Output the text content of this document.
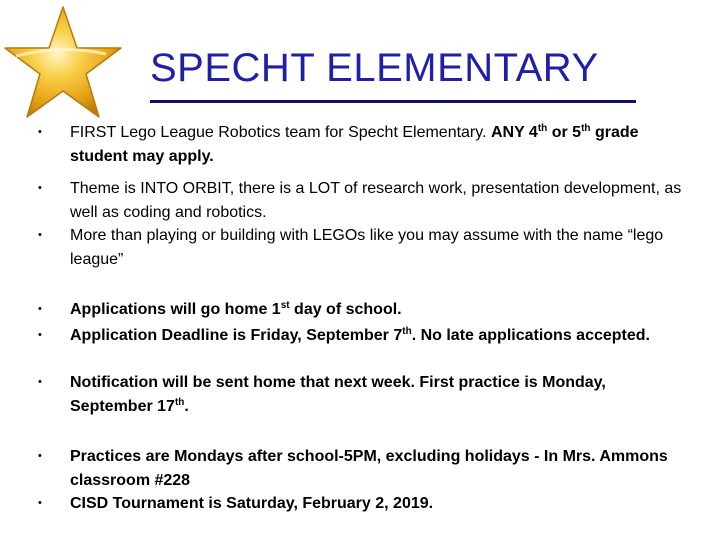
SPECHT ELEMENTARY
• FIRST Lego League Robotics team for Specht Elementary. ANY 4th or 5th grade student may apply.
• Theme is INTO ORBIT, there is a LOT of research work, presentation development, as well as coding and robotics.
• More than playing or building with LEGOs like you may assume with the name “lego league”
• Applications will go home 1st day of school.
• Application Deadline is Friday, September 7th. No late applications accepted.
• Notification will be sent home that next week. First practice is Monday, September 17th.
• Practices are Mondays after school-5PM, excluding holidays - In Mrs. Ammons classroom #228
• CISD Tournament is Saturday, February 2, 2019.
